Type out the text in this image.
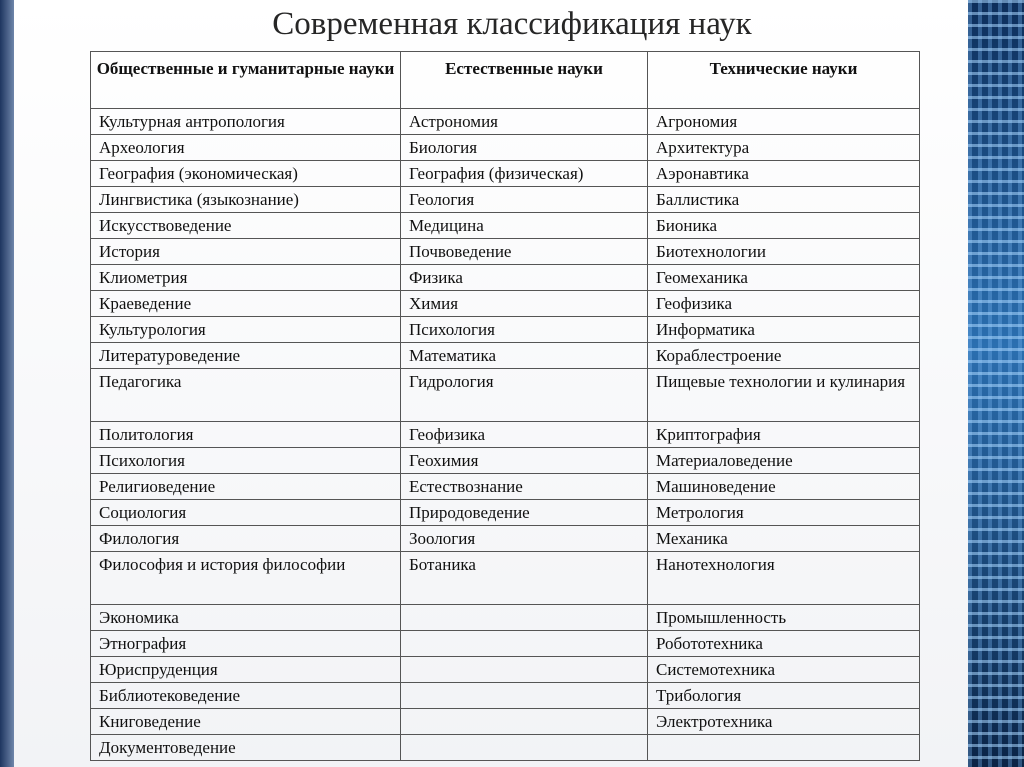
Современная классификация наук
Общественные и гуманитарные науки	Естественные науки	Технические науки
Культурная антропология	Астрономия	Агрономия
Археология	Биология	Архитектура
География (экономическая)	География (физическая)	Аэронавтика
Лингвистика (языкознание)	Геология	Баллистика
Искусствоведение	Медицина	Бионика
История	Почвоведение	Биотехнологии
Клиометрия	Физика	Геомеханика
Краеведение	Химия	Геофизика
Культурология	Психология	Информатика
Литературоведение	Математика	Кораблестроение
Педагогика	Гидрология	Пищевые технологии и кулинария
Политология	Геофизика	Криптография
Психология	Геохимия	Материаловедение
Религиоведение	Естествознание	Машиноведение
Социология	Природоведение	Метрология
Филология	Зоология	Механика
Философия и история философии	Ботаника	Нанотехнология
Экономика		Промышленность
Этнография		Робототехника
Юриспруденция		Системотехника
Библиотековедение		Трибология
Книговедение		Электротехника
Документоведение		
